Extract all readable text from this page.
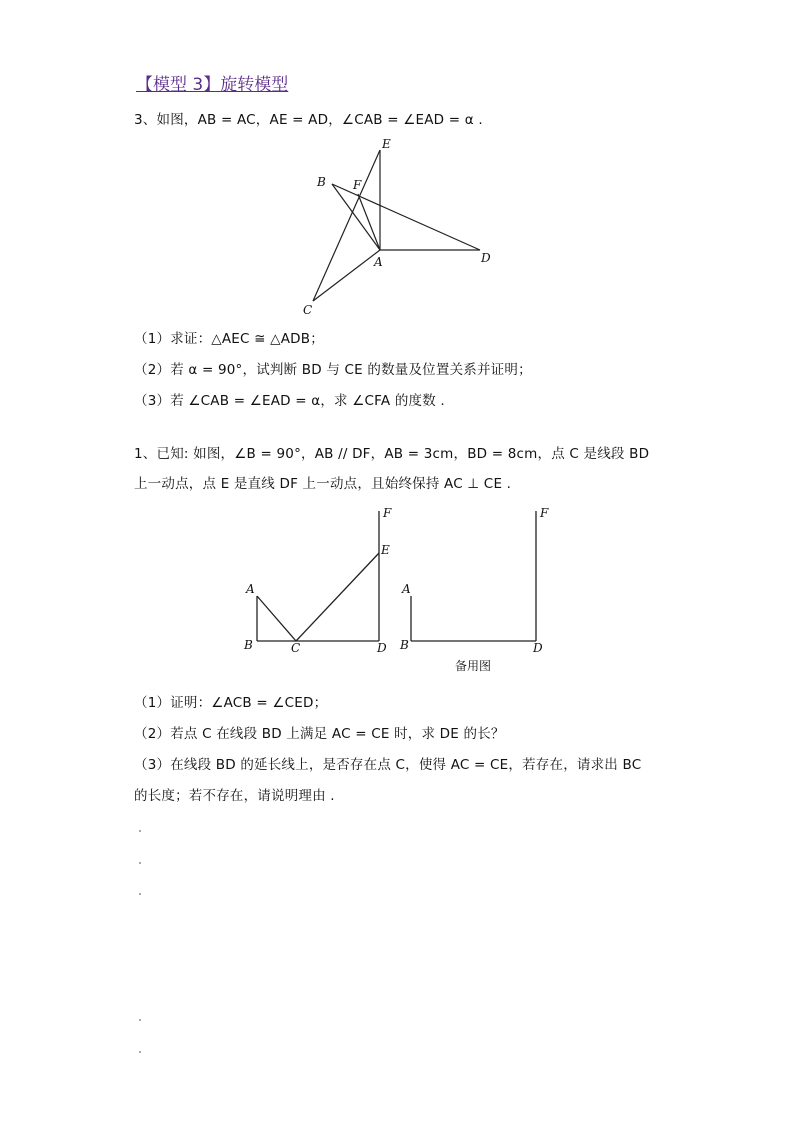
【模型 3】旋转模型
3、如图，AB = AC，AE = AD，∠CAB = ∠EAD = α .
E
B F
A	D
C
（1）求证：△AEC ≅ △ADB；
（2）若 α = 90°，试判断 BD 与 CE 的数量及位置关系并证明；
（3）若 ∠CAB = ∠EAD = α，求 ∠CFA 的度数 .
1、已知: 如图，∠B = 90°，AB // DF，AB = 3cm，BD = 8cm，点 C 是线段 BD
上一动点，点 E 是直线 DF 上一动点，且始终保持 AC ⊥ CE .
F
E
A
B	C	D
F
A
B	D
备用图
（1）证明：∠ACB = ∠CED；
（2）若点 C 在线段 BD 上满足 AC = CE 时，求 DE 的长？
（3）在线段 BD 的延长线上，是否存在点 C，使得 AC = CE，若存在，请求出 BC
的长度；若不存在，请说明理由 .
